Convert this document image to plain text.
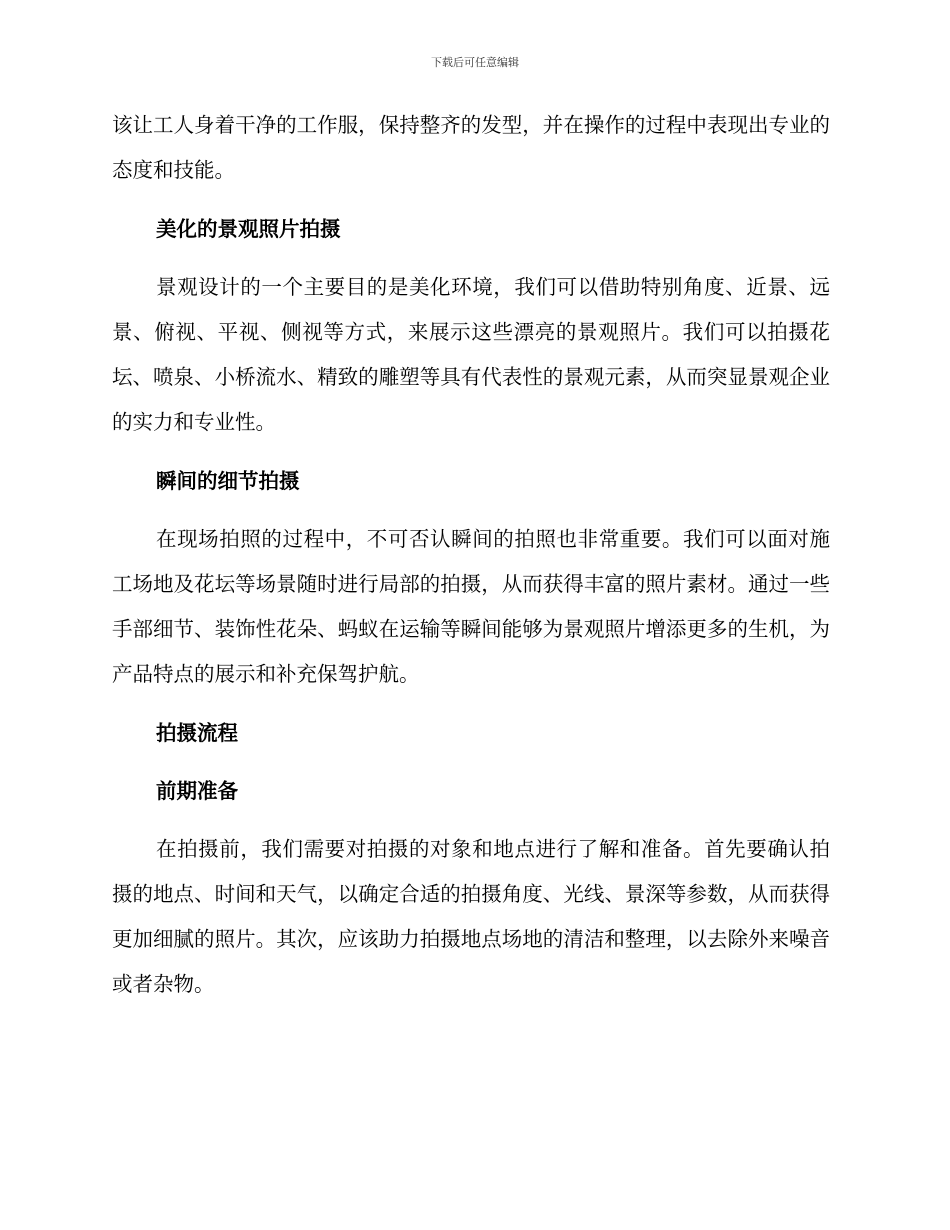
下载后可任意编辑

该让工人身着干净的工作服，保持整齐的发型，并在操作的过程中表现出专业的态度和技能。

美化的景观照片拍摄

景观设计的一个主要目的是美化环境，我们可以借助特别角度、近景、远景、俯视、平视、侧视等方式，来展示这些漂亮的景观照片。我们可以拍摄花坛、喷泉、小桥流水、精致的雕塑等具有代表性的景观元素，从而突显景观企业的实力和专业性。

瞬间的细节拍摄

在现场拍照的过程中，不可否认瞬间的拍照也非常重要。我们可以面对施工场地及花坛等场景随时进行局部的拍摄，从而获得丰富的照片素材。通过一些手部细节、装饰性花朵、蚂蚁在运输等瞬间能够为景观照片增添更多的生机，为产品特点的展示和补充保驾护航。

拍摄流程
前期准备

在拍摄前，我们需要对拍摄的对象和地点进行了解和准备。首先要确认拍摄的地点、时间和天气，以确定合适的拍摄角度、光线、景深等参数，从而获得更加细腻的照片。其次，应该助力拍摄地点场地的清洁和整理，以去除外来噪音或者杂物。
